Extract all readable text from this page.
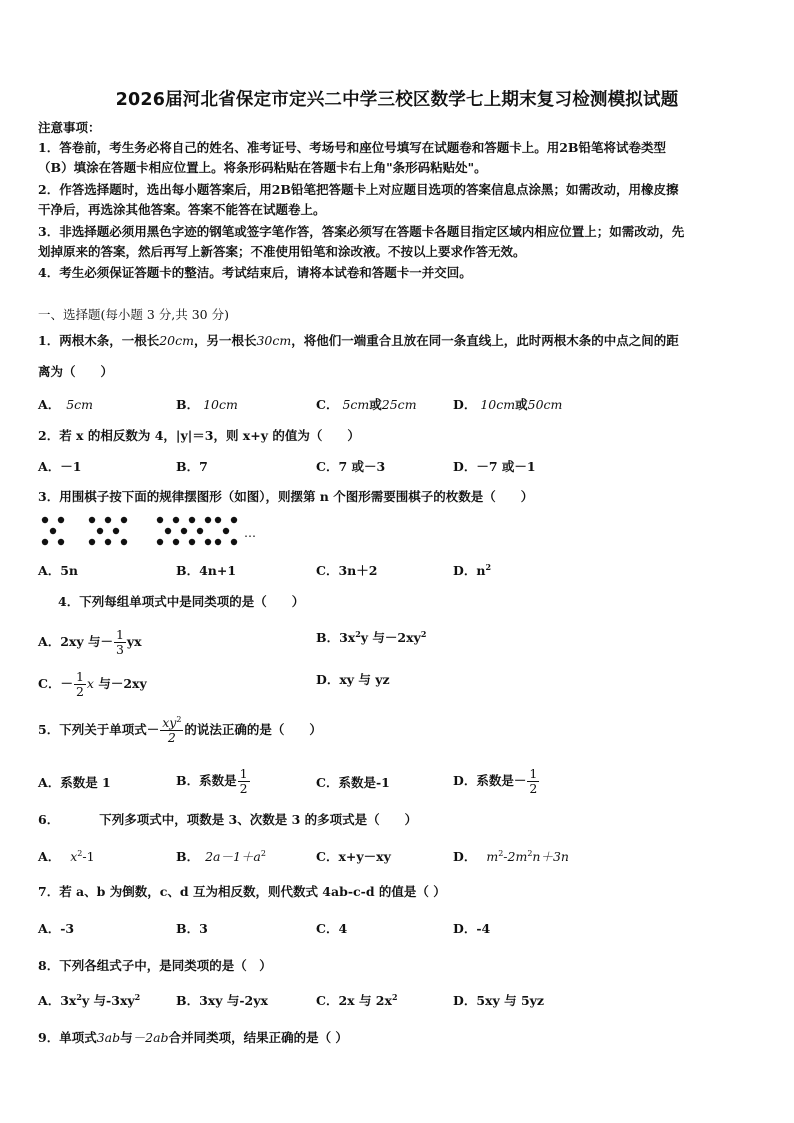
2026届河北省保定市定兴二中学三校区数学七上期末复习检测模拟试题
注意事项：
1．答卷前，考生务必将自己的姓名、准考证号、考场号和座位号填写在试题卷和答题卡上。用2B铅笔将试卷类型
（B）填涂在答题卡相应位置上。将条形码粘贴在答题卡右上角"条形码粘贴处"。
2．作答选择题时，选出每小题答案后，用2B铅笔把答题卡上对应题目选项的答案信息点涂黑；如需改动，用橡皮擦
干净后，再选涂其他答案。答案不能答在试题卷上。
3．非选择题必须用黑色字迹的钢笔或签字笔作答，答案必须写在答题卡各题目指定区域内相应位置上；如需改动，先
划掉原来的答案，然后再写上新答案；不准使用铅笔和涂改液。不按以上要求作答无效。
4．考生必须保证答题卡的整洁。考试结束后，请将本试卷和答题卡一并交回。
一、选择题(每小题 3 分,共 30 分)
1．两根木条，一根长20cm，另一根长30cm，将他们一端重合且放在同一条直线上，此时两根木条的中点之间的距
离为（　　）
A． 5cm	B． 10cm	C． 5cm或25cm	D． 10cm或50cm
2．若 x 的相反数为 4，|y|＝3，则 x+y 的值为（　　）
A．－1	B．7	C．7 或－3	D．－7 或－1
3．用围棋子按下面的规律摆图形（如图），则摆第 n 个图形需要围棋子的枚数是（　　）
…
A．5n	B．4n+1	C．3n＋2	D．$n^2$
4．下列每组单项式中是同类项的是（　　）
A．2xy 与－ $\frac{1}{3}$ yx	B．$3x^2y$ 与$-2xy^2$
C．－ $\frac{1}{2}$ x 与－2xy	D．xy 与 yz
5．下列关于单项式－ $\frac{xy^2}{2}$ 的说法正确的是（　　）
A．系数是 1	B．系数是 $\frac{1}{2}$	C．系数是-1	D．系数是－ $\frac{1}{2}$
6．	下列多项式中，项数是 3、次数是 3 的多项式是（　　）
A． $x^2-1$	B． $2a-1+a^2$	C．x+y－xy	D． $m^2-2m^2n+3n$
7．若 a、b 为倒数，c、d 互为相反数，则代数式 4ab-c-d 的值是（ ）
A．-3	B．3	C．4	D．-4
8．下列各组式子中，是同类项的是（　）
A．$3x^2y$ 与$-3xy^2$	B．3xy 与-2yx	C．2x 与 $2x^2$	D．5xy 与 5yz
9．单项式3ab与－2ab合并同类项，结果正确的是（ ）
